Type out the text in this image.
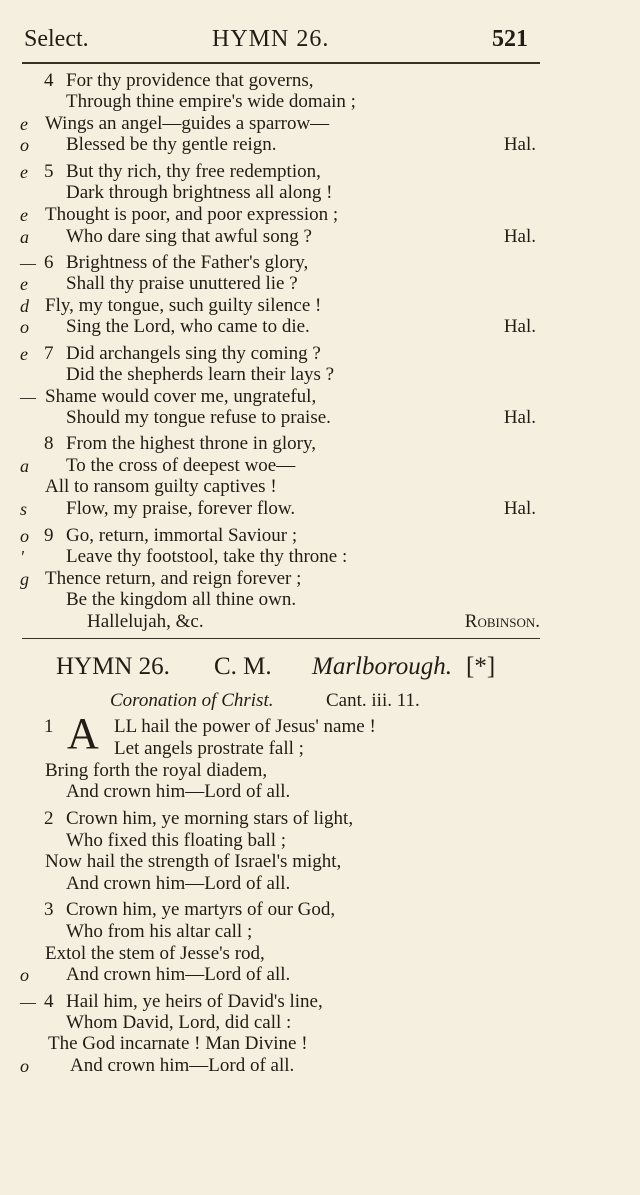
Select.	HYMN 26.	521
4 For thy providence that governs,
Through thine empire's wide domain ;
e Wings an angel—guides a sparrow—
o Blessed be thy gentle reign.	Hal.
e 5 But thy rich, thy free redemption,
Dark through brightness all along !
e Thought is poor, and poor expression ;
a Who dare sing that awful song ?	Hal.
— 6 Brightness of the Father's glory,
e Shall thy praise unuttered lie ?
d Fly, my tongue, such guilty silence !
o Sing the Lord, who came to die.	Hal.
e 7 Did archangels sing thy coming ?
Did the shepherds learn their lays ?
— Shame would cover me, ungrateful,
Should my tongue refuse to praise.	Hal.
8 From the highest throne in glory,
a To the cross of deepest woe—
All to ransom guilty captives !
s Flow, my praise, forever flow.	Hal.
o 9 Go, return, immortal Saviour ;
' Leave thy footstool, take thy throne :
g Thence return, and reign forever ;
Be the kingdom all thine own.
Hallelujah, &c.	Robinson.
HYMN 26. C. M. Marlborough. [*]
Coronation of Christ.	Cant. iii. 11.
A
1	LL hail the power of Jesus' name !
Let angels prostrate fall ;
Bring forth the royal diadem,
And crown him—Lord of all.
2 Crown him, ye morning stars of light,
Who fixed this floating ball ;
Now hail the strength of Israel's might,
And crown him—Lord of all.
3 Crown him, ye martyrs of our God,
Who from his altar call ;
Extol the stem of Jesse's rod,
o And crown him—Lord of all.
— 4 Hail him, ye heirs of David's line,
Whom David, Lord, did call :
The God incarnate ! Man Divine !
o And crown him—Lord of all.
